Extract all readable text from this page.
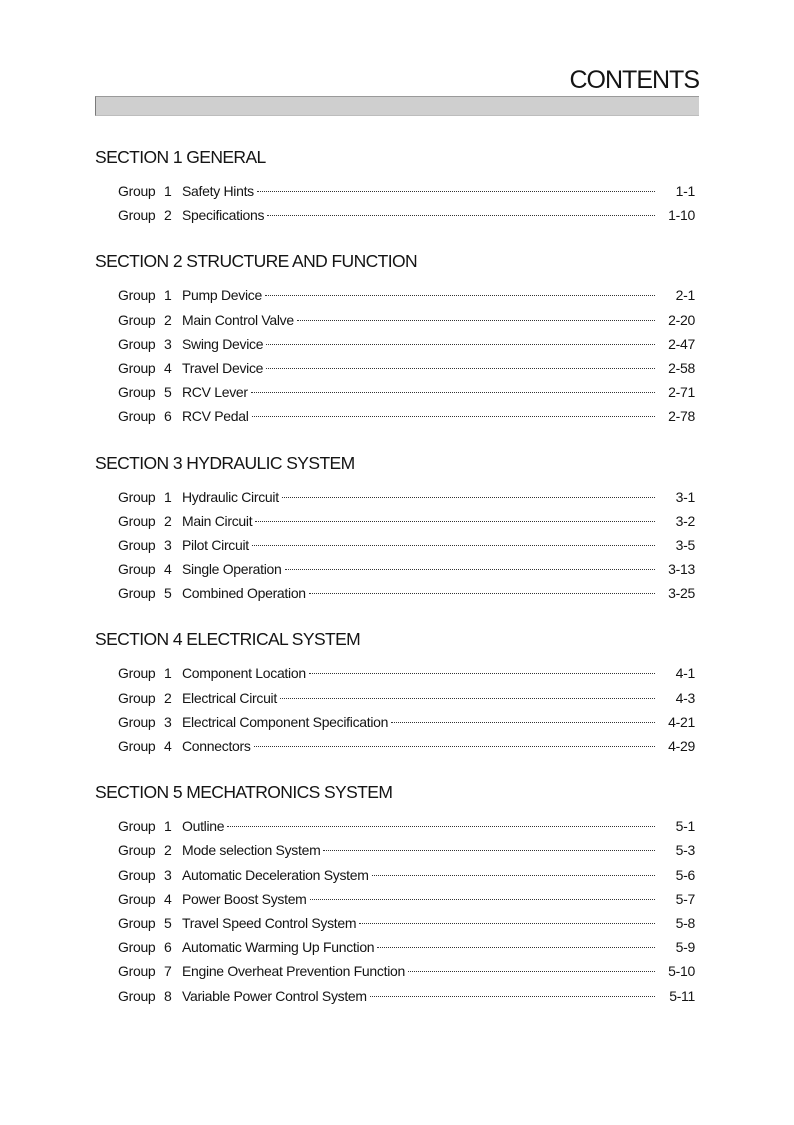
CONTENTS
SECTION 1 GENERAL
Group 1 Safety Hints	1-1
Group 2 Specifications	1-10
SECTION 2 STRUCTURE AND FUNCTION
Group 1 Pump Device	2-1
Group 2 Main Control Valve	2-20
Group 3 Swing Device	2-47
Group 4 Travel Device	2-58
Group 5 RCV Lever	2-71
Group 6 RCV Pedal	2-78
SECTION 3 HYDRAULIC SYSTEM
Group 1 Hydraulic Circuit	3-1
Group 2 Main Circuit	3-2
Group 3 Pilot Circuit	3-5
Group 4 Single Operation	3-13
Group 5 Combined Operation	3-25
SECTION 4 ELECTRICAL SYSTEM
Group 1 Component Location	4-1
Group 2 Electrical Circuit	4-3
Group 3 Electrical Component Specification	4-21
Group 4 Connectors	4-29
SECTION 5 MECHATRONICS SYSTEM
Group 1 Outline	5-1
Group 2 Mode selection System	5-3
Group 3 Automatic Deceleration System	5-6
Group 4 Power Boost System	5-7
Group 5 Travel Speed Control System	5-8
Group 6 Automatic Warming Up Function	5-9
Group 7 Engine Overheat Prevention Function	5-10
Group 8 Variable Power Control System	5-11
